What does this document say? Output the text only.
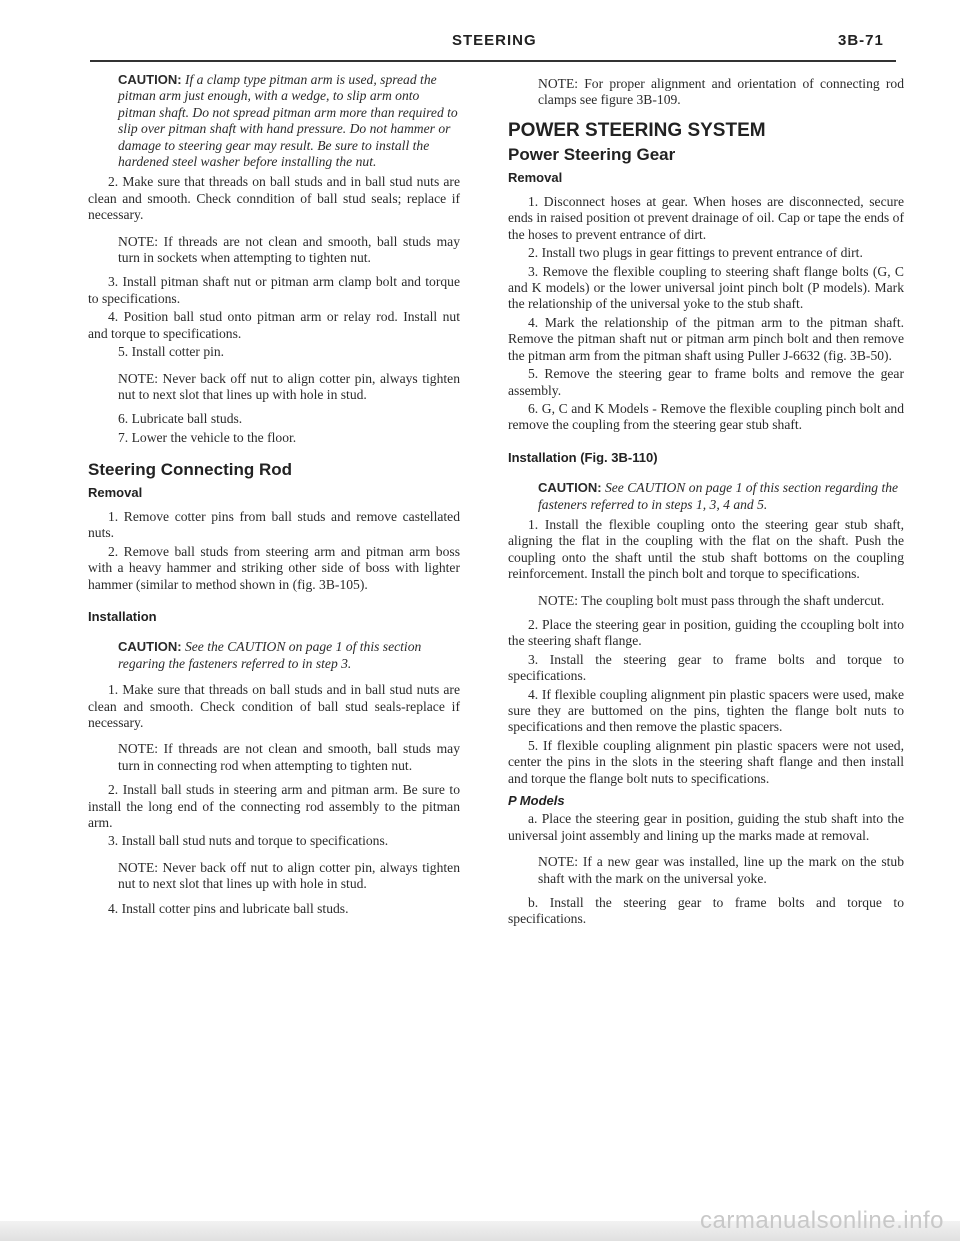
STEERING	3B-71

CAUTION: If a clamp type pitman arm is used, spread the pitman arm just enough, with a wedge, to slip arm onto pitman shaft. Do not spread pitman arm more than required to slip over pitman shaft with hand pressure. Do not hammer or damage to steering gear may result. Be sure to install the hardened steel washer before installing the nut.

2. Make sure that threads on ball studs and in ball stud nuts are clean and smooth. Check conndition of ball stud seals; replace if necessary.

NOTE: If threads are not clean and smooth, ball studs may turn in sockets when attempting to tighten nut.

3. Install pitman shaft nut or pitman arm clamp bolt and torque to specifications.

4. Position ball stud onto pitman arm or relay rod. Install nut and torque to specifications.

5. Install cotter pin.

NOTE: Never back off nut to align cotter pin, always tighten nut to next slot that lines up with hole in stud.

6. Lubricate ball studs.

7. Lower the vehicle to the floor.

Steering Connecting Rod
Removal

1. Remove cotter pins from ball studs and remove castellated nuts.

2. Remove ball studs from steering arm and pitman arm boss with a heavy hammer and striking other side of boss with lighter hammer (similar to method shown in (fig. 3B-105).

Installation

CAUTION: See the CAUTION on page 1 of this section regaring the fasteners referred to in step 3.

1. Make sure that threads on ball studs and in ball stud nuts are clean and smooth. Check condition of ball stud seals-replace if necessary.

NOTE: If threads are not clean and smooth, ball studs may turn in connecting rod when attempting to tighten nut.

2. Install ball studs in steering arm and pitman arm. Be sure to install the long end of the connecting rod assembly to the pitman arm.

3. Install ball stud nuts and torque to specifications.

NOTE: Never back off nut to align cotter pin, always tighten nut to next slot that lines up with hole in stud.

4. Install cotter pins and lubricate ball studs.

NOTE: For proper alignment and orientation of connecting rod clamps see figure 3B-109.

POWER STEERING SYSTEM
Power Steering Gear
Removal

1. Disconnect hoses at gear. When hoses are disconnected, secure ends in raised position ot prevent drainage of oil. Cap or tape the ends of the hoses to prevent entrance of dirt.

2. Install two plugs in gear fittings to prevent entrance of dirt.

3. Remove the flexible coupling to steering shaft flange bolts (G, C and K models) or the lower universal joint pinch bolt (P models). Mark the relationship of the universal yoke to the stub shaft.

4. Mark the relationship of the pitman arm to the pitman shaft. Remove the pitman shaft nut or pitman arm pinch bolt and then remove the pitman arm from the pitman shaft using Puller J-6632 (fig. 3B-50).

5. Remove the steering gear to frame bolts and remove the gear assembly.

6. G, C and K Models - Remove the flexible coupling pinch bolt and remove the coupling from the steering gear stub shaft.

Installation (Fig. 3B-110)

CAUTION: See CAUTION on page 1 of this section regarding the fasteners referred to in steps 1, 3, 4 and 5.

1. Install the flexible coupling onto the steering gear stub shaft, aligning the flat in the coupling with the flat on the shaft. Push the coupling onto the shaft until the stub shaft bottoms on the coupling reinforcement. Install the pinch bolt and torque to specifications.

NOTE: The coupling bolt must pass through the shaft undercut.

2. Place the steering gear in position, guiding the ccoupling bolt into the steering shaft flange.

3. Install the steering gear to frame bolts and torque to specifications.

4. If flexible coupling alignment pin plastic spacers were used, make sure they are buttomed on the pins, tighten the flange bolt nuts to specifications and then remove the plastic spacers.

5. If flexible coupling alignment pin plastic spacers were not used, center the pins in the slots in the steering shaft flange and then install and torque the flange bolt nuts to specifications.

P Models

a. Place the steering gear in position, guiding the stub shaft into the universal joint assembly and lining up the marks made at removal.

NOTE: If a new gear was installed, line up the mark on the stub shaft with the mark on the universal yoke.

b. Install the steering gear to frame bolts and torque to specifications.

carmanualsonline.info
